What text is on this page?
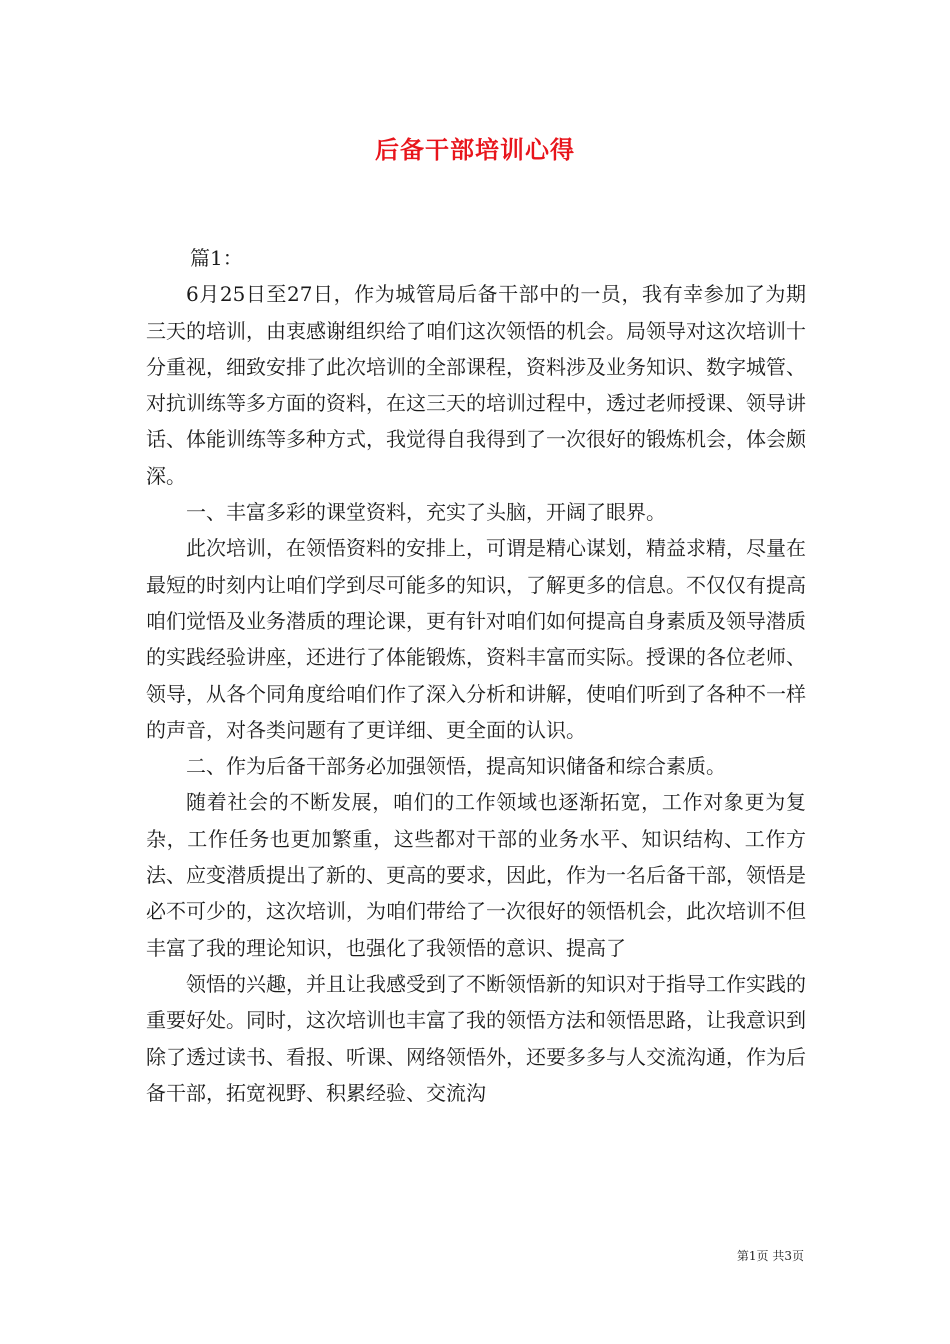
后备干部培训心得

篇1：

6月25日至27日，作为城管局后备干部中的一员，我有幸参加了为期三天的培训，由衷感谢组织给了咱们这次领悟的机会。局领导对这次培训十分重视，细致安排了此次培训的全部课程，资料涉及业务知识、数字城管、对抗训练等多方面的资料，在这三天的培训过程中，透过老师授课、领导讲话、体能训练等多种方式，我觉得自我得到了一次很好的锻炼机会，体会颇深。

一、丰富多彩的课堂资料，充实了头脑，开阔了眼界。

此次培训，在领悟资料的安排上，可谓是精心谋划，精益求精，尽量在最短的时刻内让咱们学到尽可能多的知识，了解更多的信息。不仅仅有提高咱们觉悟及业务潜质的理论课，更有针对咱们如何提高自身素质及领导潜质的实践经验讲座，还进行了体能锻炼，资料丰富而实际。授课的各位老师、领导，从各个同角度给咱们作了深入分析和讲解，使咱们听到了各种不一样的声音，对各类问题有了更详细、更全面的认识。

二、作为后备干部务必加强领悟，提高知识储备和综合素质。

随着社会的不断发展，咱们的工作领域也逐渐拓宽，工作对象更为复杂，工作任务也更加繁重，这些都对干部的业务水平、知识结构、工作方法、应变潜质提出了新的、更高的要求，因此，作为一名后备干部，领悟是必不可少的，这次培训，为咱们带给了一次很好的领悟机会，此次培训不但丰富了我的理论知识，也强化了我领悟的意识、提高了

领悟的兴趣，并且让我感受到了不断领悟新的知识对于指导工作实践的重要好处。同时，这次培训也丰富了我的领悟方法和领悟思路，让我意识到除了透过读书、看报、听课、网络领悟外，还要多多与人交流沟通，作为后备干部，拓宽视野、积累经验、交流沟

第1页 共3页
